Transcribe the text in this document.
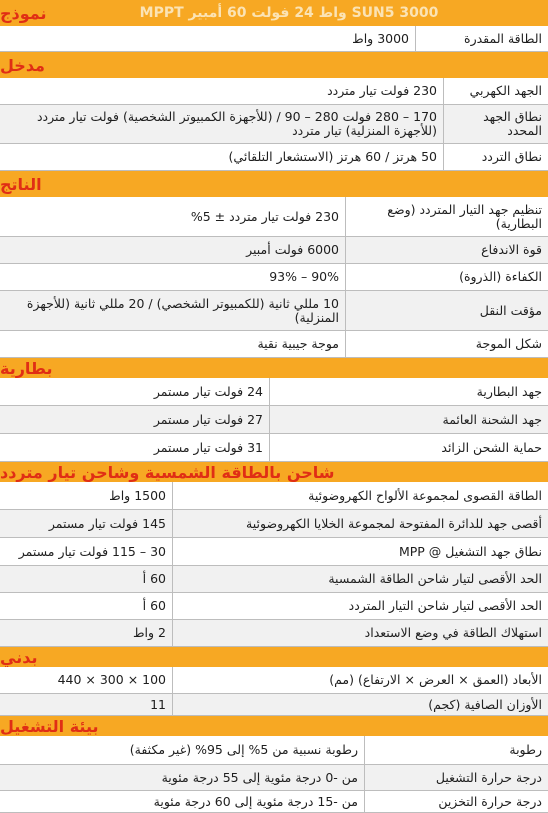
نموذج	SUN5 3000 واط 24 فولت 60 أمبير MPPT
الطاقة المقدرة
3000 واط
مدخل
الجهد الكهربي
230 فولت تيار متردد
نطاق الجهد المحدد
170 – 280 فولت 280 – 90 / (للأجهزة الكمبيوتر الشخصية) فولت تيار متردد (للأجهزة المنزلية) تيار متردد
نطاق التردد
50 هرتز / 60 هرتز (الاستشعار التلقائي)
الناتج
تنظيم جهد التيار المتردد (وضع البطارية)
230 فولت تيار متردد ± 5%
قوة الاندفاع
6000 فولت أمبير
الكفاءة (الذروة)
90% – 93%
مؤقت النقل
10 مللي ثانية (للكمبيوتر الشخصي) / 20 مللي ثانية (للأجهزة المنزلية)
شكل الموجة
موجة جيبية نقية
بطارية
جهد البطارية
24 فولت تيار مستمر
جهد الشحنة العائمة
27 فولت تيار مستمر
حماية الشحن الزائد
31 فولت تيار مستمر
شاحن بالطاقة الشمسية وشاحن تيار متردد
الطاقة القصوى لمجموعة الألواح الكهروضوئية
1500 واط
أقصى جهد للدائرة المفتوحة لمجموعة الخلايا الكهروضوئية
145 فولت تيار مستمر
نطاق جهد التشغيل @ MPP
30 – 115 فولت تيار مستمر
الحد الأقصى لتيار شاحن الطاقة الشمسية
60 أ
الحد الأقصى لتيار شاحن التيار المتردد
60 أ
استهلاك الطاقة في وضع الاستعداد
2 واط
بدني
الأبعاد (العمق × العرض × الارتفاع) (مم)
100 × 300 × 440
الأوزان الصافية (كجم)
11
بيئة التشغيل
رطوبة
رطوبة نسبية من 5% إلى 95% (غير مكثفة)
درجة حرارة التشغيل
من -0 درجة مئوية إلى 55 درجة مئوية
درجة حرارة التخزين
من -15 درجة مئوية إلى 60 درجة مئوية
